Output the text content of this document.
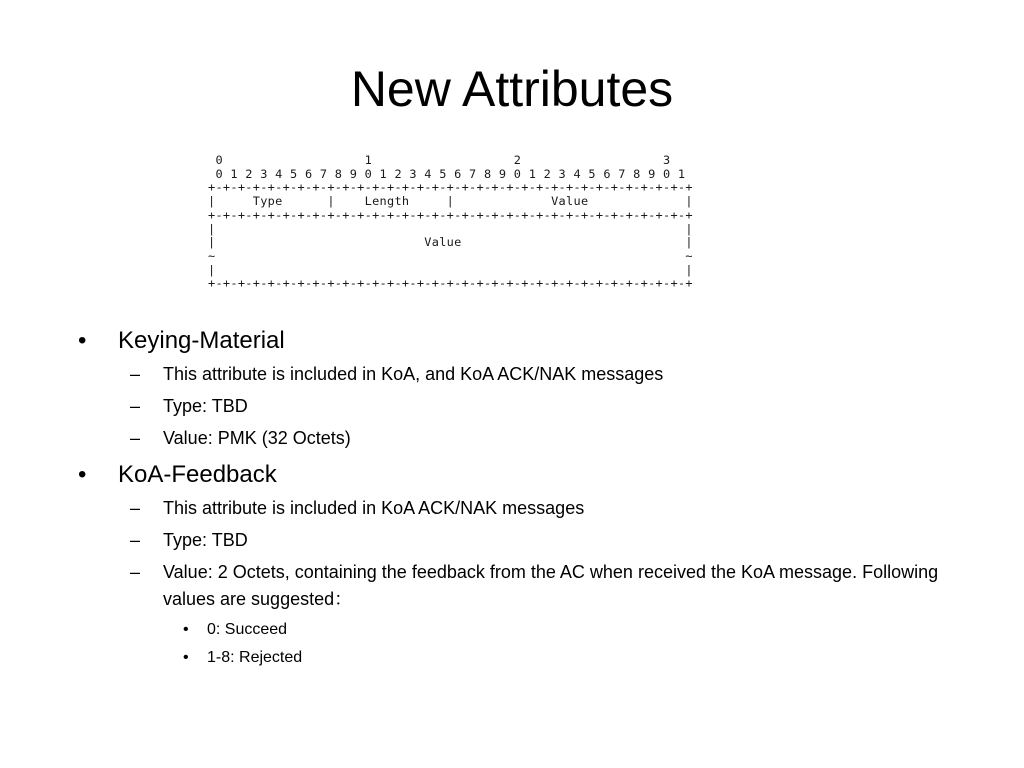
New Attributes
0                   1                   2                   3
0 1 2 3 4 5 6 7 8 9 0 1 2 3 4 5 6 7 8 9 0 1 2 3 4 5 6 7 8 9 0 1
+-+-+-+-+-+-+-+-+-+-+-+-+-+-+-+-+-+-+-+-+-+-+-+-+-+-+-+-+-+-+-+-+
|     Type      |    Length     |             Value             |
+-+-+-+-+-+-+-+-+-+-+-+-+-+-+-+-+-+-+-+-+-+-+-+-+-+-+-+-+-+-+-+-+
|                                                               |
|                            Value                              |
~                                                               ~
|                                                               |
+-+-+-+-+-+-+-+-+-+-+-+-+-+-+-+-+-+-+-+-+-+-+-+-+-+-+-+-+-+-+-+-+
• Keying-Material
– This attribute is included in KoA, and KoA ACK/NAK messages
– Type: TBD
– Value: PMK (32 Octets)
• KoA-Feedback
– This attribute is included in KoA ACK/NAK messages
– Type: TBD
– Value: 2 Octets, containing the feedback from the AC when received the KoA message. Following values are suggested：
• 0: Succeed
• 1-8: Rejected
